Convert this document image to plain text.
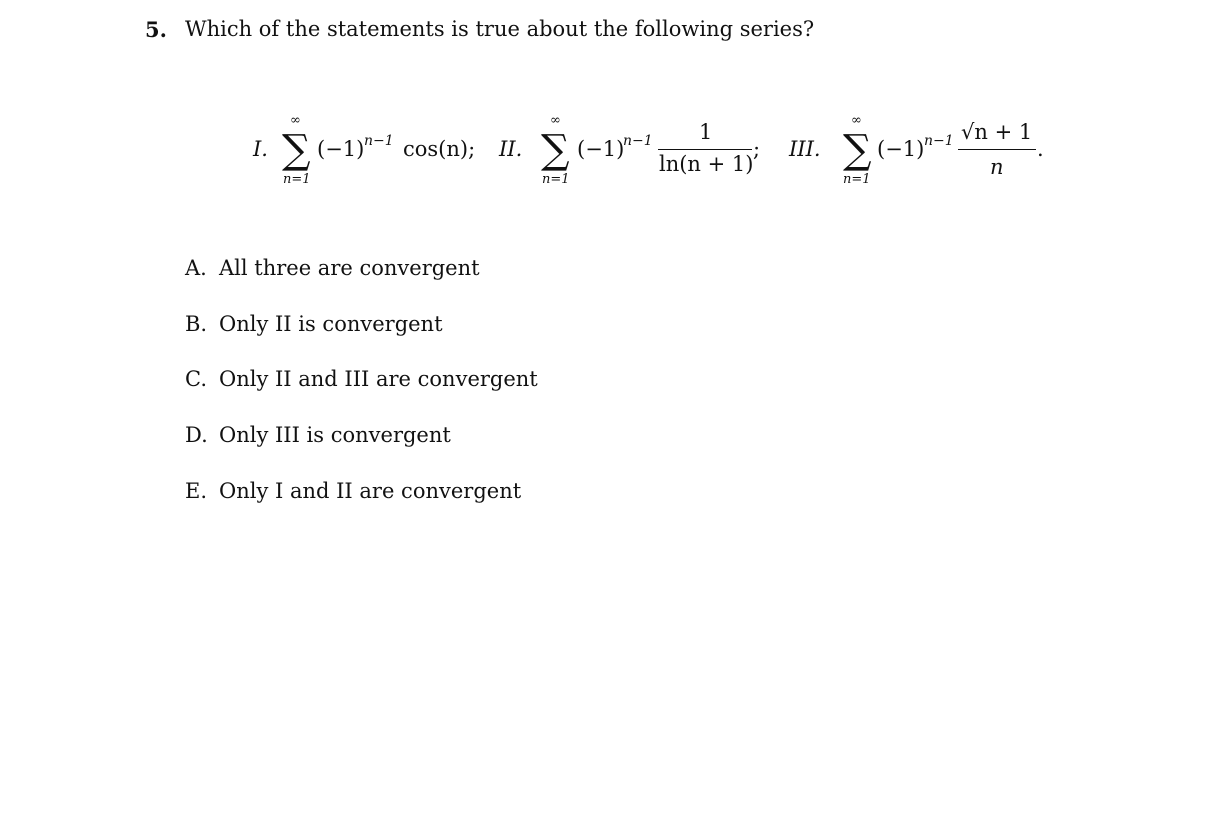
5. Which of the statements is true about the following series?
I.
∞
∑
n=1
(−1) n−1 cos(n); II.
∞
∑
n=1
(−1)
n−1 1
ln(n + 1)
; III.
∞
∑
n=1
(−1) n−1 √n + 1
n
.
A. All three are convergent
B. Only II is convergent
C. Only II and III are convergent
D. Only III is convergent
E. Only I and II are convergent
